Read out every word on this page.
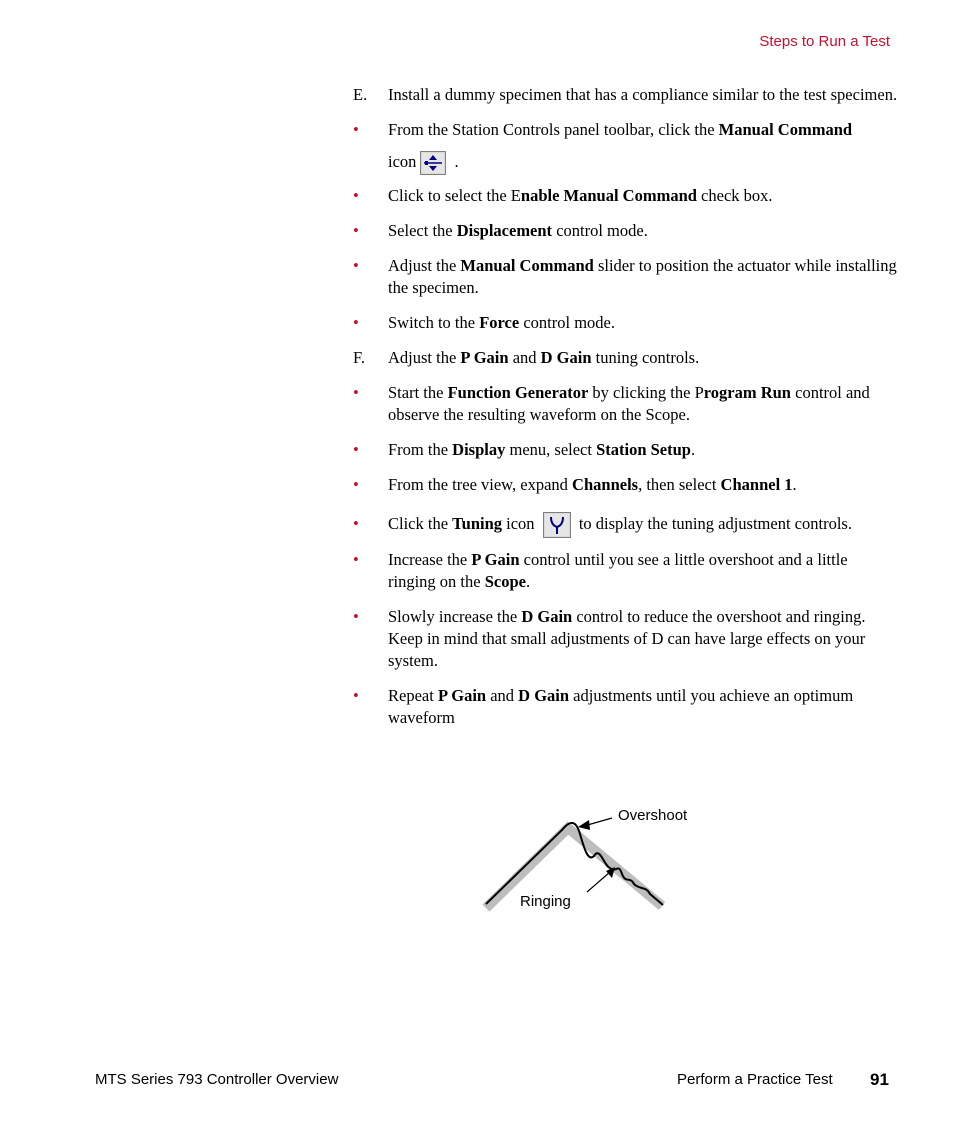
Steps to Run a Test
E. Install a dummy specimen that has a compliance similar to the test specimen.
• From the Station Controls panel toolbar, click the Manual Command
icon
.
• Click to select the Enable Manual Command check box.
• Select the Displacement control mode.
• Adjust the Manual Command slider to position the actuator while installing the specimen.
• Switch to the Force control mode.
F. Adjust the P Gain and D Gain tuning controls.
• Start the Function Generator by clicking the Program Run control and observe the resulting waveform on the Scope.
• From the Display menu, select Station Setup.
• From the tree view, expand Channels, then select Channel 1.
• Click the Tuning icon
to display the tuning adjustment controls.
• Increase the P Gain control until you see a little overshoot and a little ringing on the Scope.
• Slowly increase the D Gain control to reduce the overshoot and ringing. Keep in mind that small adjustments of D can have large effects on your system.
• Repeat P Gain and D Gain adjustments until you achieve an optimum waveform
Overshoot
Ringing
MTS Series 793 Controller Overview	Perform a Practice Test 91
